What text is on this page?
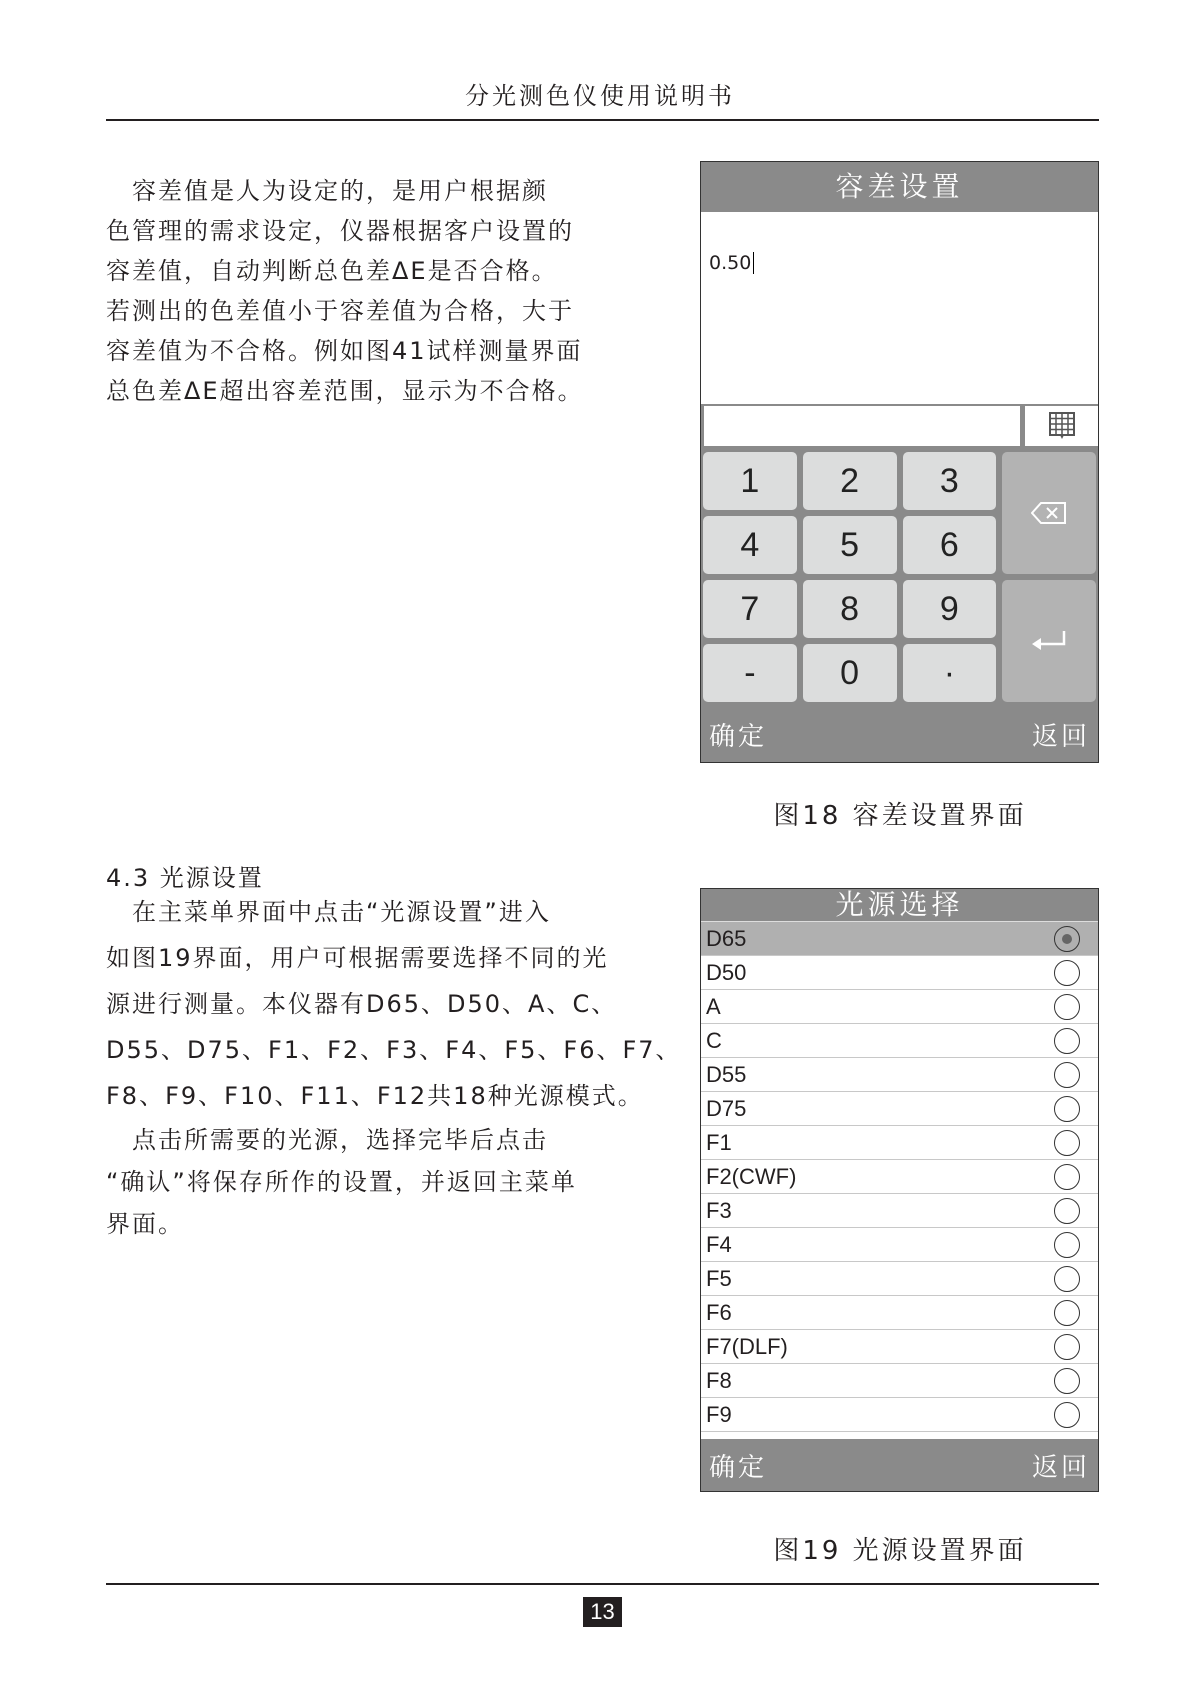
分光测色仪使用说明书
　容差值是人为设定的，是用户根据颜
色管理的需求设定，仪器根据客户设置的
容差值，自动判断总色差ΔE是否合格。
若测出的色差值小于容差值为合格，大于
容差值为不合格。例如图41试样测量界面
总色差ΔE超出容差范围，显示为不合格。
容差设置
0.50
1	2	3
4	5	6
7	8	9
-	0	·
确定	返回
图18 容差设置界面
4.3 光源设置
　在主菜单界面中点击“光源设置”进入
如图19界面，用户可根据需要选择不同的光
源进行测量。本仪器有D65、D50、A、C、
D55、D75、F1、F2、F3、F4、F5、F6、F7、
F8、F9、F10、F11、F12共18种光源模式。
　点击所需要的光源，选择完毕后点击
“确认”将保存所作的设置，并返回主菜单
界面。
光源选择
D65
D50
A
C
D55
D75
F1
F2(CWF)
F3
F4
F5
F6
F7(DLF)
F8
F9
确定	返回
图19 光源设置界面
13
